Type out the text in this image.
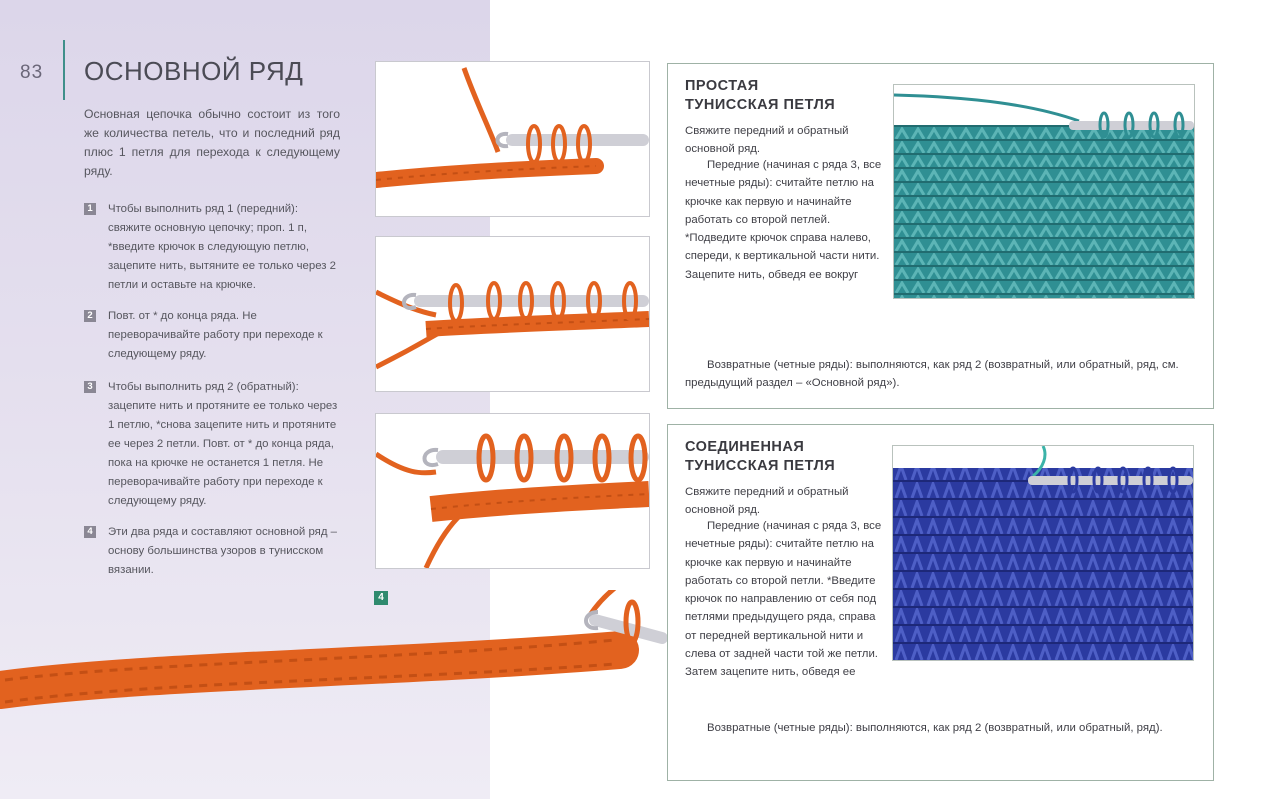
83 ОСНОВНОЙ РЯД

Основная цепочка обычно состоит из того же количества петель, что и последний ряд плюс 1 петля для перехода к следующему ряду.

1 Чтобы выполнить ряд 1 (передний): свяжите основную цепочку; проп. 1 п, *введите крючок в следующую петлю, зацепите нить, вытяните ее только через 2 петли и оставьте на крючке.
2 Повт. от * до конца ряда. Не переворачивайте работу при переходе к следующему ряду.
3 Чтобы выполнить ряд 2 (обратный): зацепите нить и протяните ее только через 1 петлю, *снова зацепите нить и протяните ее через 2 петли. Повт. от * до конца ряда, пока на крючке не останется 1 петля. Не переворачивайте работу при переходе к следующему ряду.
4 Эти два ряда и составляют основной ряд – основу большинства узоров в тунисском вязании.
4
ПРОСТАЯ
ТУНИССКАЯ ПЕТЛЯ

Свяжите передний и обратный основной ряд.

Передние (начиная с ряда 3, все нечетные ряды): считайте петлю на крючке как первую и начинайте работать со второй петлей. *Подведите крючок справа налево, спереди, к вертикальной части нити. Зацепите нить, обведя ее вокруг

Возвратные (четные ряды): выполняются, как ряд 2 (возвратный, или обратный, ряд, см. предыдущий раздел – «Основной ряд»).

СОЕДИНЕННАЯ
ТУНИССКАЯ ПЕТЛЯ

Свяжите передний и обратный основной ряд.

Передние (начиная с ряда 3, все нечетные ряды): считайте петлю на крючке как первую и начинайте работать со второй петли. *Введите крючок по направлению от себя под петлями предыдущего ряда, справа от передней вертикальной нити и слева от задней части той же петли. Затем зацепите нить, обведя ее

Возвратные (четные ряды): выполняются, как ряд 2 (возвратный, или обратный, ряд).
